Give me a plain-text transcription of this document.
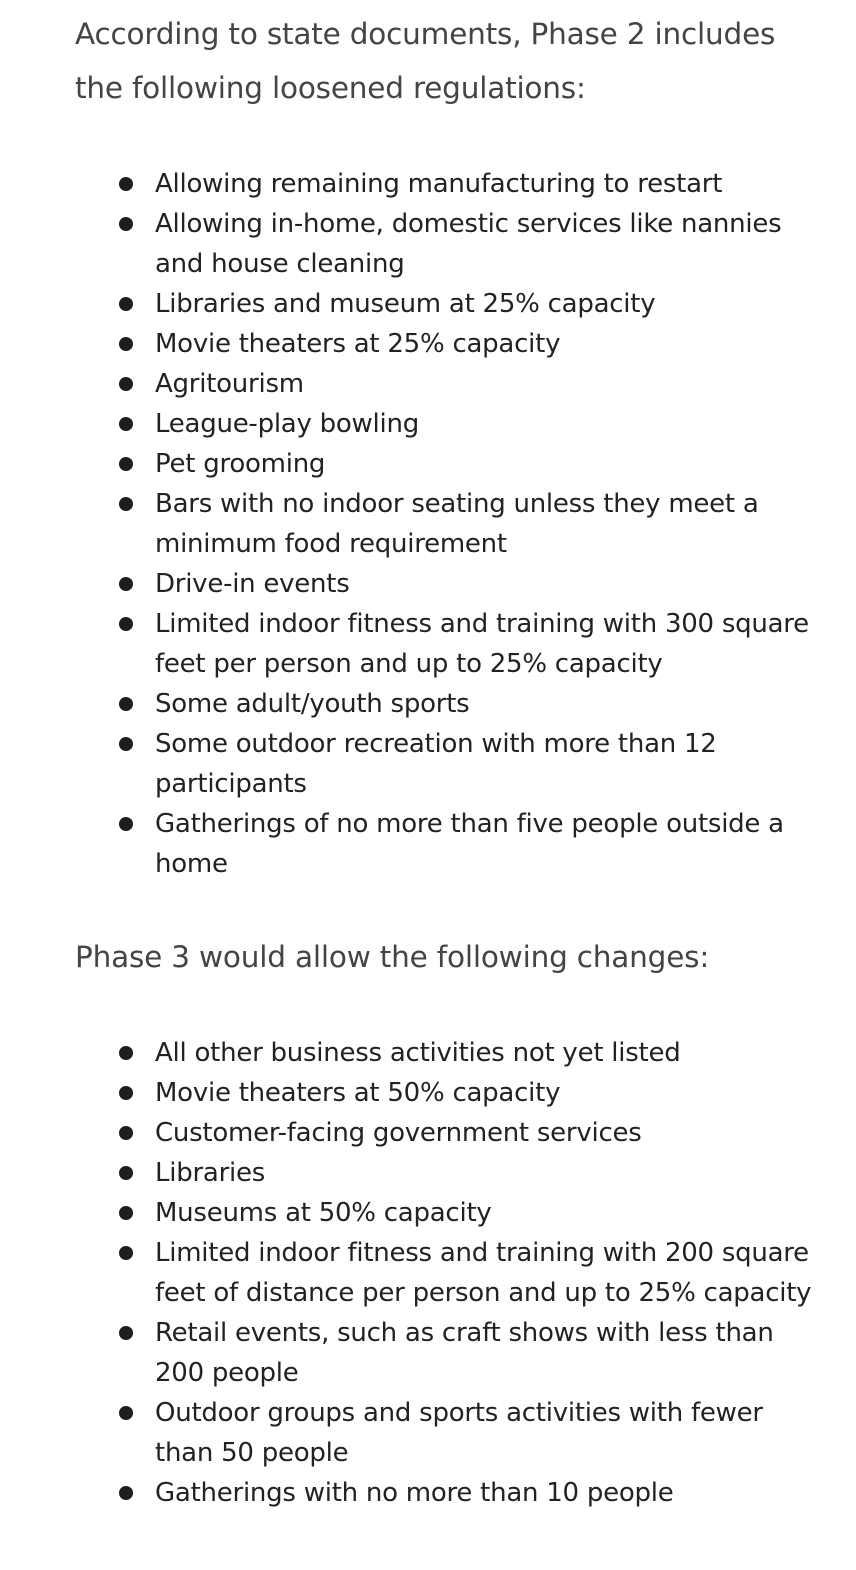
According to state documents, Phase 2 includes the following loosened regulations:

Allowing remaining manufacturing to restart
Allowing in-home, domestic services like nannies and house cleaning
Libraries and museum at 25% capacity
Movie theaters at 25% capacity
Agritourism
League-play bowling
Pet grooming
Bars with no indoor seating unless they meet a minimum food requirement
Drive-in events
Limited indoor fitness and training with 300 square feet per person and up to 25% capacity
Some adult/youth sports
Some outdoor recreation with more than 12 participants
Gatherings of no more than five people outside a home

Phase 3 would allow the following changes:

All other business activities not yet listed
Movie theaters at 50% capacity
Customer-facing government services
Libraries
Museums at 50% capacity
Limited indoor fitness and training with 200 square feet of distance per person and up to 25% capacity
Retail events, such as craft shows with less than 200 people
Outdoor groups and sports activities with fewer than 50 people
Gatherings with no more than 10 people
